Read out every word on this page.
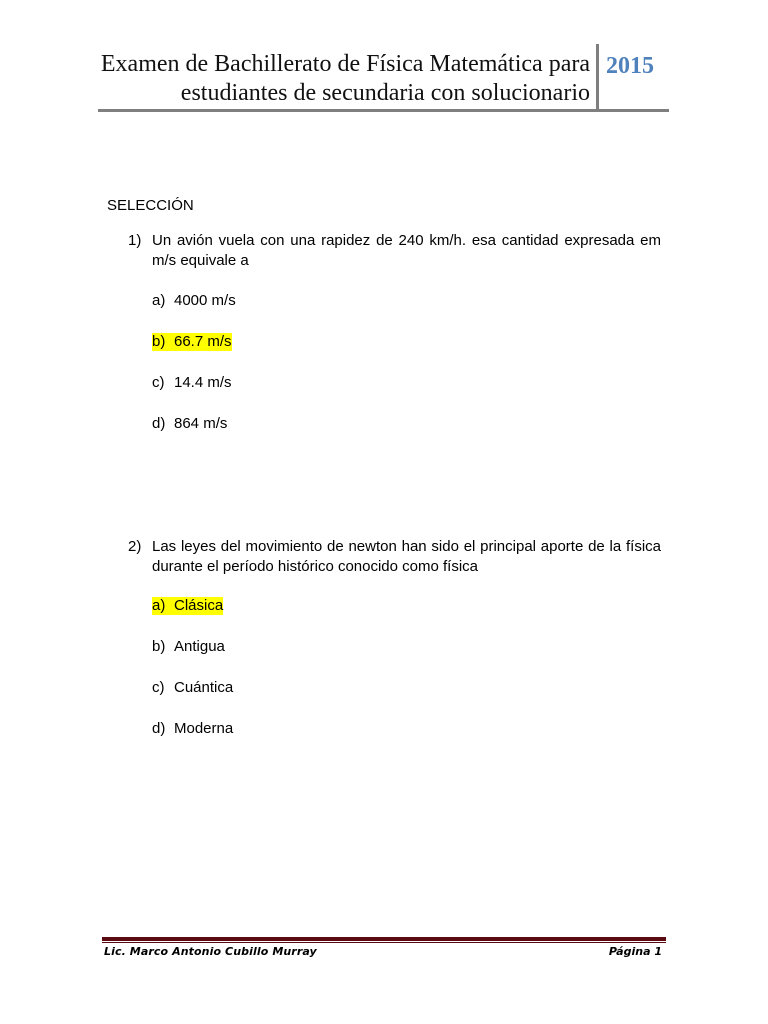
Examen de Bachillerato de Física Matemática para
estudiantes de secundaria con solucionario
2015
SELECCIÓN
1) Un avión vuela con una rapidez de 240 km/h. esa cantidad expresada em m/s equivale a
a) 4000 m/s
b) 66.7 m/s
c) 14.4 m/s
d) 864 m/s
2) Las leyes del movimiento de newton han sido el principal aporte de la física durante el período histórico conocido como física
a) Clásica
b) Antigua
c) Cuántica
d) Moderna
Lic. Marco Antonio Cubillo Murray	Página 1
